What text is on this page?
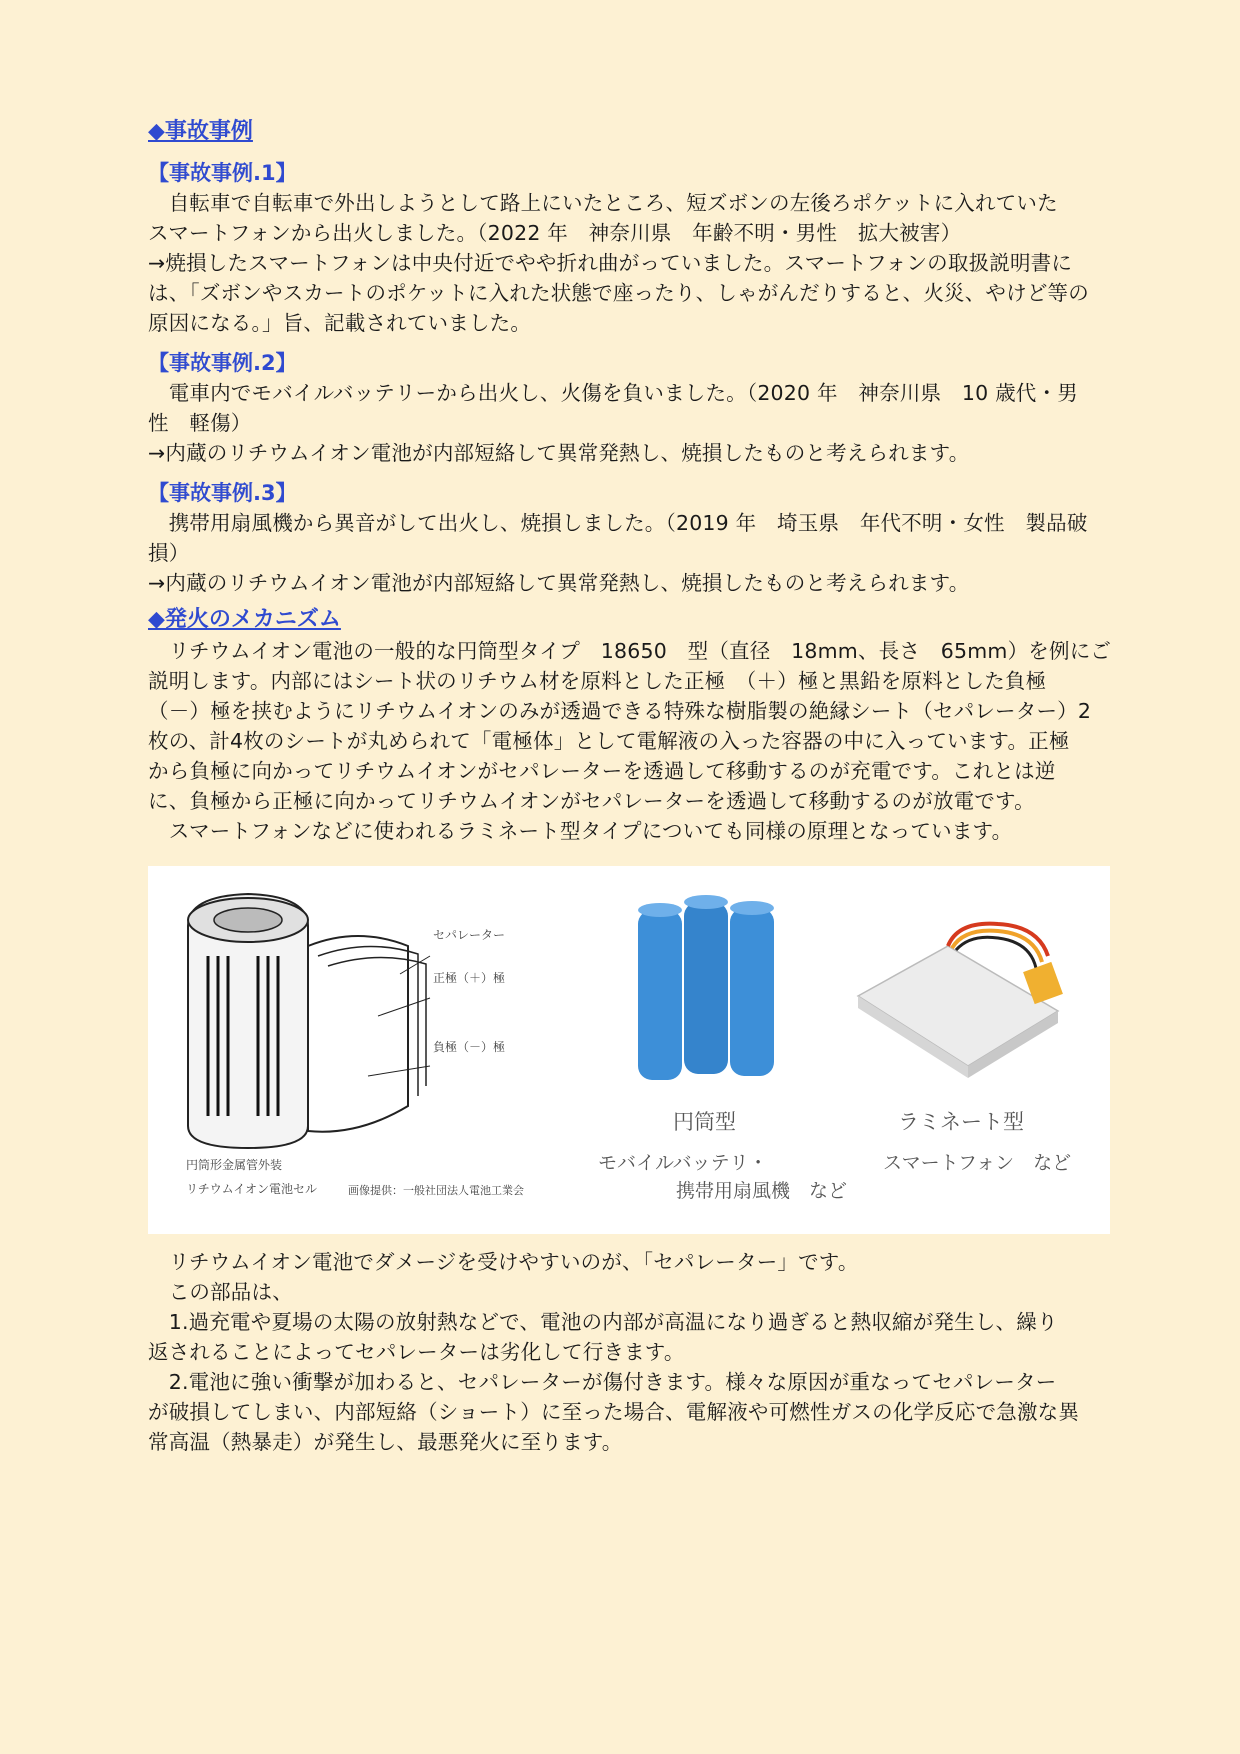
◆事故事例
【事故事例.1】

　自転車で自転車で外出しようとして路上にいたところ、短ズボンの左後ろポケットに入れていた

スマートフォンから出火しました。（2022 年　神奈川県　年齢不明・男性　拡大被害）

→焼損したスマートフォンは中央付近でやや折れ曲がっていました。スマートフォンの取扱説明書に

は、「ズボンやスカートのポケットに入れた状態で座ったり、しゃがんだりすると、火災、やけど等の

原因になる。」旨、記載されていました。

【事故事例.2】

　電車内でモバイルバッテリーから出火し、火傷を負いました。（2020 年　神奈川県　10 歳代・男

性　軽傷）

→内蔵のリチウムイオン電池が内部短絡して異常発熱し、焼損したものと考えられます。

【事故事例.3】

　携帯用扇風機から異音がして出火し、焼損しました。（2019 年　埼玉県　年代不明・女性　製品破

損）

→内蔵のリチウムイオン電池が内部短絡して異常発熱し、焼損したものと考えられます。

◆発火のメカニズム

　リチウムイオン電池の一般的な円筒型タイプ　18650　型（直径　18mm、長さ　65mm）を例にご

説明します。内部にはシート状のリチウム材を原料とした正極　（＋）極と黒鉛を原料とした負極

（－）極を挟むようにリチウムイオンのみが透過できる特殊な樹脂製の絶縁シート（セパレーター）2

枚の、計4枚のシートが丸められて「電極体」として電解液の入った容器の中に入っています。正極

から負極に向かってリチウムイオンがセパレーターを透過して移動するのが充電です。これとは逆

に、負極から正極に向かってリチウムイオンがセパレーターを透過して移動するのが放電です。

　スマートフォンなどに使われるラミネート型タイプについても同様の原理となっています。

セパレーター
正極（＋）極
負極（－）極
円筒形金属管外装
リチウムイオン電池セル	画像提供：一般社団法人電池工業会
円筒型
モバイルバッテリ・
携帯用扇風機　など
ラミネート型
スマートフォン　など

　リチウムイオン電池でダメージを受けやすいのが、「セパレーター」です。

　この部品は、

　1.過充電や夏場の太陽の放射熱などで、電池の内部が高温になり過ぎると熱収縮が発生し、繰り

返されることによってセパレーターは劣化して行きます。

　2.電池に強い衝撃が加わると、セパレーターが傷付きます。様々な原因が重なってセパレーター

が破損してしまい、内部短絡（ショート）に至った場合、電解液や可燃性ガスの化学反応で急激な異

常高温（熱暴走）が発生し、最悪発火に至ります。
